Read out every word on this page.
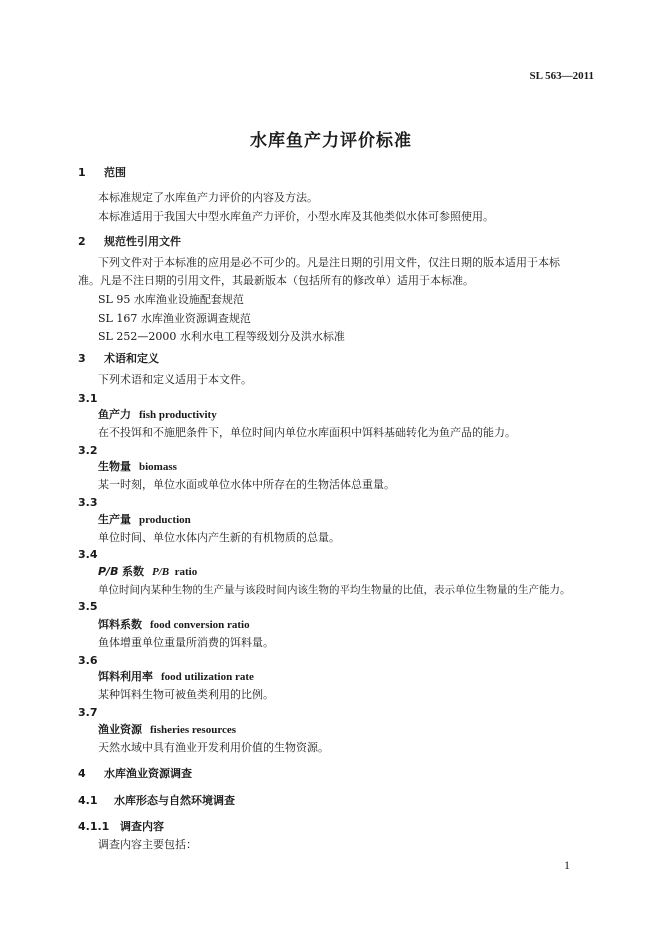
SL 563—2011
水库鱼产力评价标准
1 范围
本标准规定了水库鱼产力评价的内容及方法。
本标准适用于我国大中型水库鱼产力评价，小型水库及其他类似水体可参照使用。
2 规范性引用文件
下列文件对于本标准的应用是必不可少的。凡是注日期的引用文件，仅注日期的版本适用于本标
准。凡是不注日期的引用文件，其最新版本（包括所有的修改单）适用于本标准。
SL 95 水库渔业设施配套规范
SL 167 水库渔业资源调查规范
SL 252—2000 水利水电工程等级划分及洪水标准
3 术语和定义
下列术语和定义适用于本文件。
3.1
鱼产力 fish productivity
在不投饵和不施肥条件下，单位时间内单位水库面积中饵料基础转化为鱼产品的能力。
3.2
生物量 biomass
某一时刻，单位水面或单位水体中所存在的生物活体总重量。
3.3
生产量 production
单位时间、单位水体内产生新的有机物质的总量。
3.4
P/B 系数 P/B ratio
单位时间内某种生物的生产量与该段时间内该生物的平均生物量的比值，表示单位生物量的生产能力。
3.5
饵料系数 food conversion ratio
鱼体增重单位重量所消费的饵料量。
3.6
饵料利用率 food utilization rate
某种饵料生物可被鱼类利用的比例。
3.7
渔业资源 fisheries resources
天然水域中具有渔业开发利用价值的生物资源。
4 水库渔业资源调查
4.1 水库形态与自然环境调查
4.1.1 调查内容
调查内容主要包括：
1
